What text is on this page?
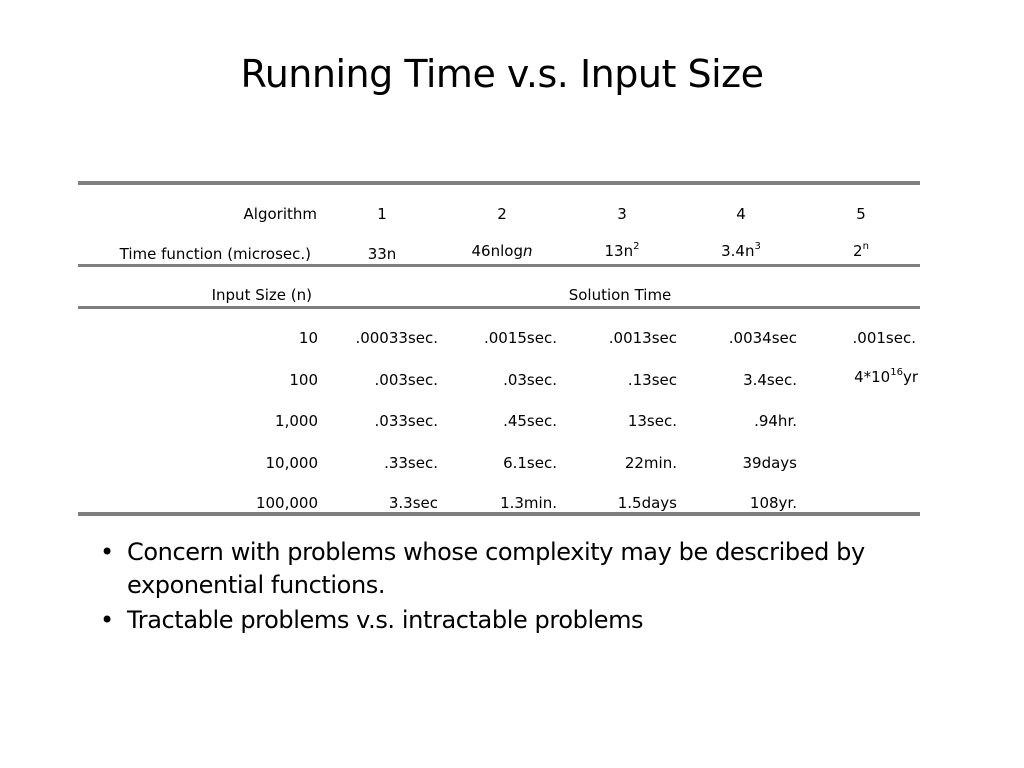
Running Time v.s. Input Size
Algorithm	1	2	3	4	5
Time function (microsec.)	33n	46nlogn	$13n^2$	$3.4n^3$	2$^n$
Input Size (n)	Solution Time
10	.00033sec.	.0015sec.	.0013sec	.0034sec	.001sec.
100	.003sec.	.03sec.	.13sec	3.4sec.	$4*10^{16}yr$
1,000	.033sec.	.45sec.	13sec.	.94hr.
10,000	.33sec.	6.1sec.	22min.	39days
100,000	3.3sec	1.3min.	1.5days	108yr.
• Concern with problems whose complexity may be described by exponential functions.
• Tractable problems v.s. intractable problems
